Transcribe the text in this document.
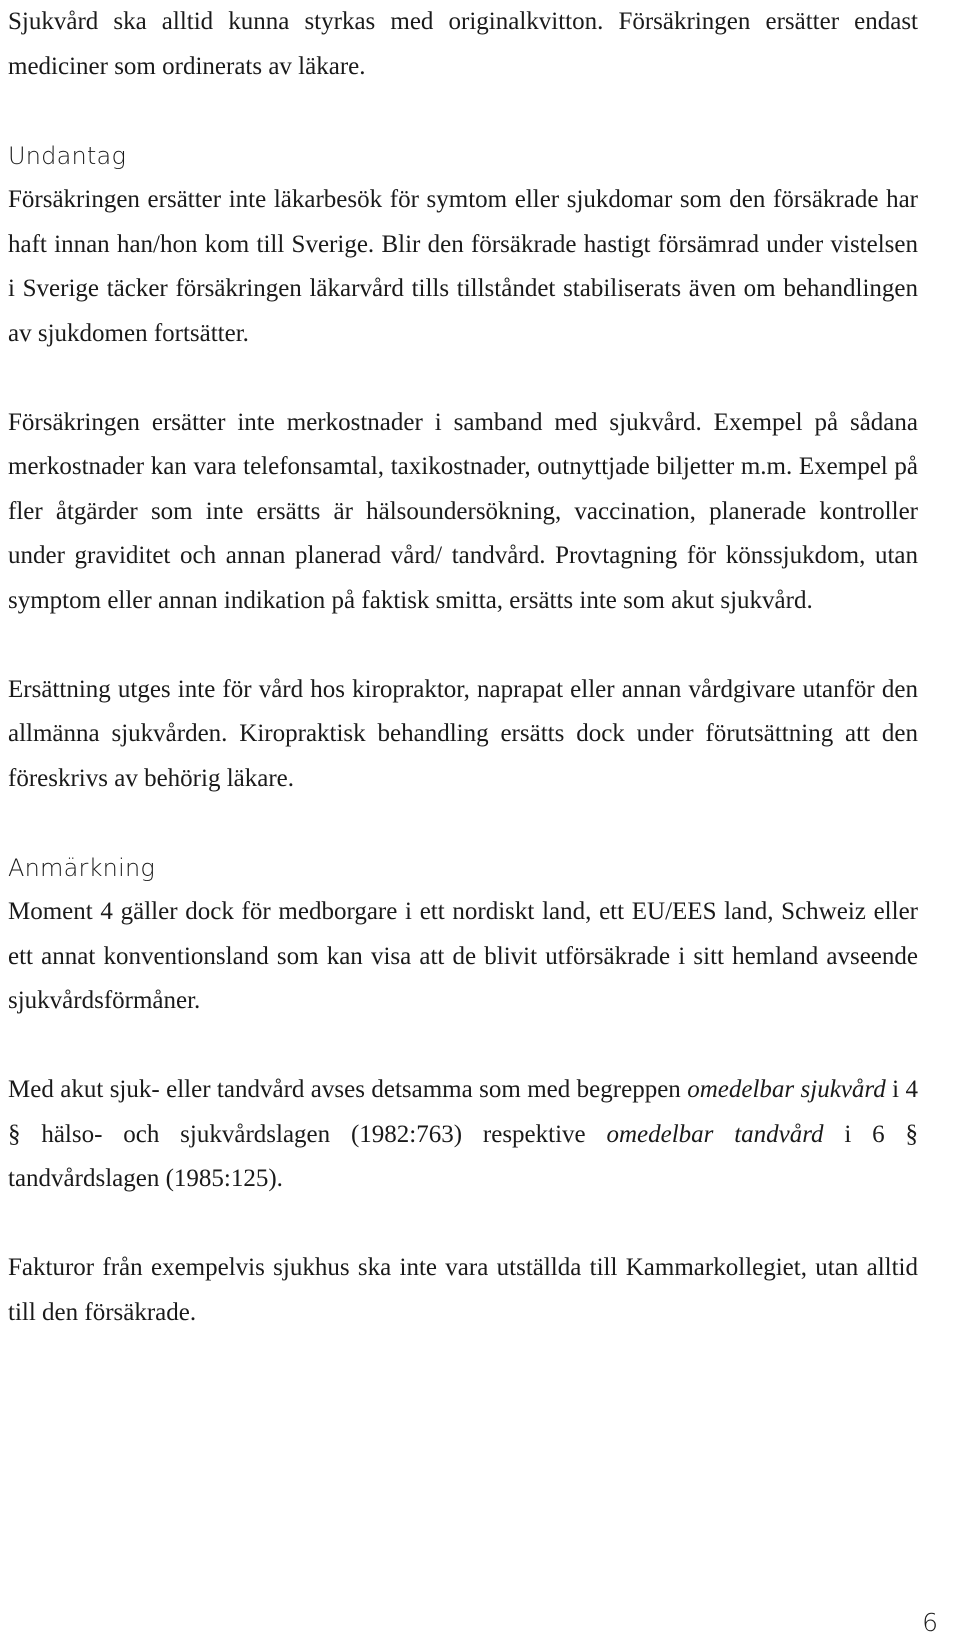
Sjukvård ska alltid kunna styrkas med originalkvitton. Försäkringen ersätter endast mediciner som ordinerats av läkare.

Undantag

Försäkringen ersätter inte läkarbesök för symtom eller sjukdomar som den försäkrade har haft innan han/hon kom till Sverige. Blir den försäkrade hastigt försämrad under vistelsen i Sverige täcker försäkringen läkarvård tills tillståndet stabiliserats även om behandlingen av sjukdomen fortsätter.

Försäkringen ersätter inte merkostnader i samband med sjukvård. Exempel på sådana merkostnader kan vara telefonsamtal, taxikostnader, outnyttjade biljetter m.m. Exempel på fler åtgärder som inte ersätts är hälsoundersökning, vaccination, planerade kontroller under graviditet och annan planerad vård/ tandvård. Provtagning för könssjukdom, utan symptom eller annan indikation på faktisk smitta, ersätts inte som akut sjukvård.

Ersättning utges inte för vård hos kiropraktor, naprapat eller annan vårdgivare utanför den allmänna sjukvården. Kiropraktisk behandling ersätts dock under förutsättning att den föreskrivs av behörig läkare.

Anmärkning

Moment 4 gäller dock för medborgare i ett nordiskt land, ett EU/EES land, Schweiz eller ett annat konventionsland som kan visa att de blivit utförsäkrade i sitt hemland avseende sjukvårdsförmåner.

Med akut sjuk- eller tandvård avses detsamma som med begreppen omedelbar sjukvård i 4 § hälso- och sjukvårdslagen (1982:763) respektive omedelbar tandvård i 6 § tandvårdslagen (1985:125).

Fakturor från exempelvis sjukhus ska inte vara utställda till Kammarkollegiet, utan alltid till den försäkrade.

6
